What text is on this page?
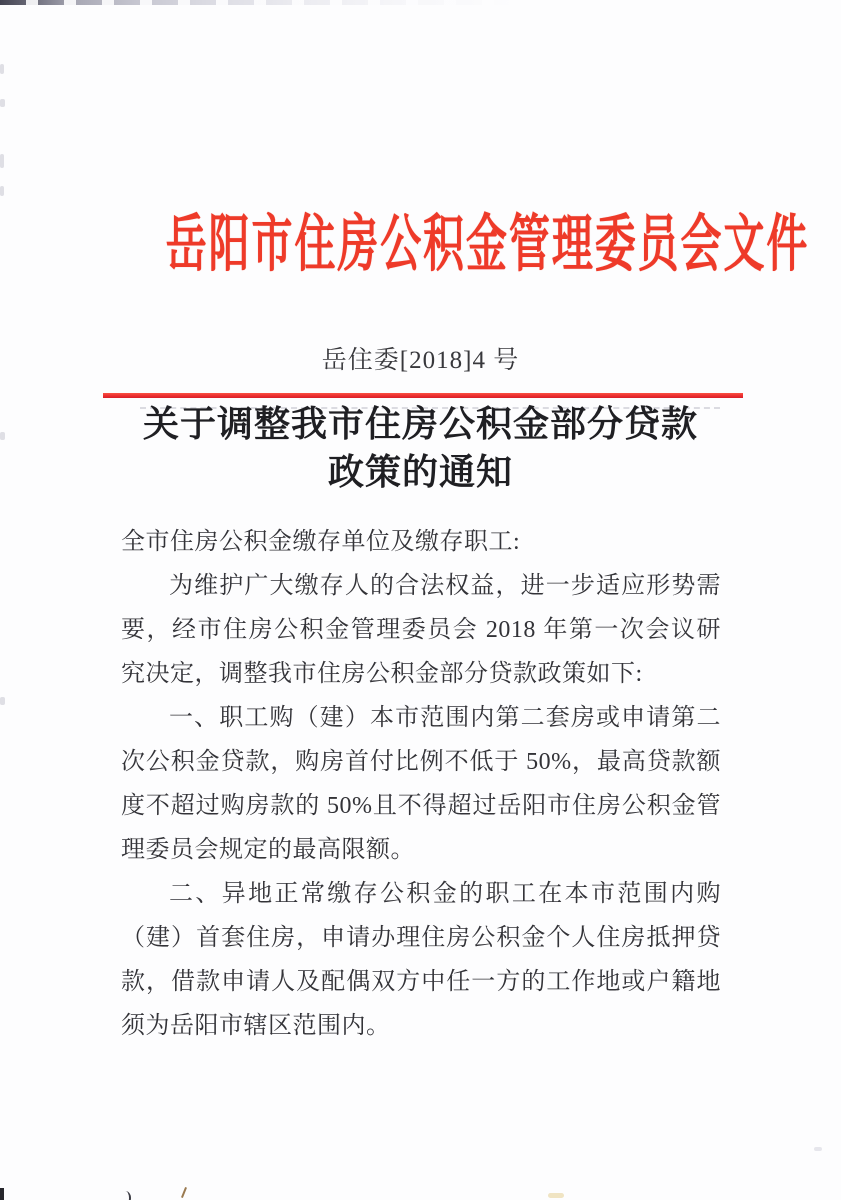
岳阳市住房公积金管理委员会文件
岳住委[2018]4 号
关于调整我市住房公积金部分贷款
政策的通知

全市住房公积金缴存单位及缴存职工:

为维护广大缴存人的合法权益，进一步适应形势需要，经市住房公积金管理委员会 2018 年第一次会议研究决定，调整我市住房公积金部分贷款政策如下:

一、职工购（建）本市范围内第二套房或申请第二次公积金贷款，购房首付比例不低于 50%，最高贷款额度不超过购房款的 50%且不得超过岳阳市住房公积金管理委员会规定的最高限额。

二、异地正常缴存公积金的职工在本市范围内购（建）首套住房，申请办理住房公积金个人住房抵押贷款，借款申请人及配偶双方中任一方的工作地或户籍地须为岳阳市辖区范围内。
